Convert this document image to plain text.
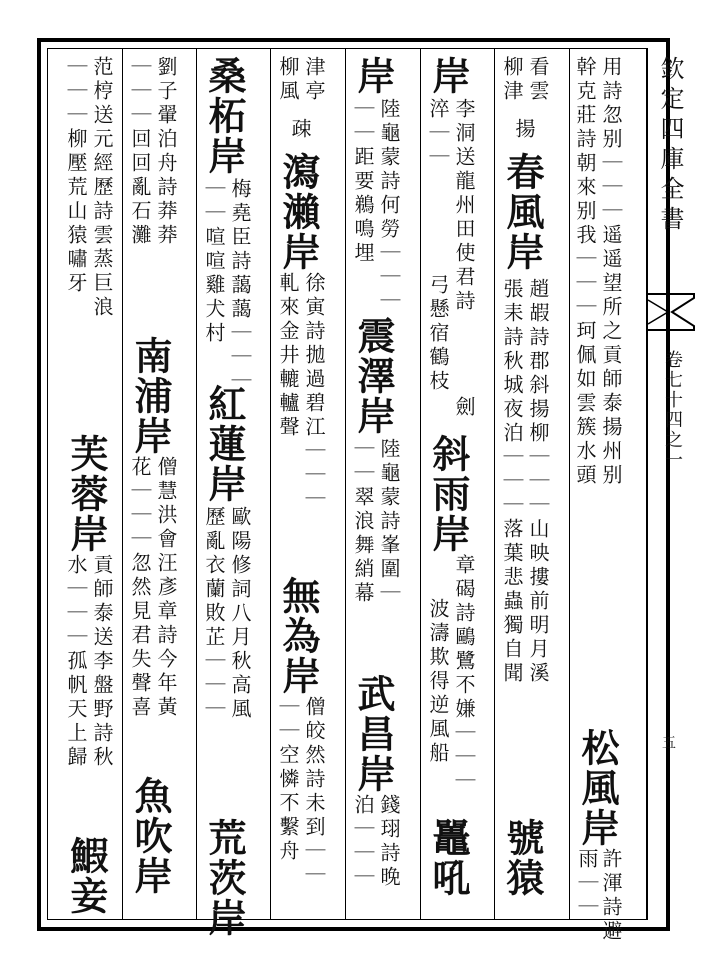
欽定四庫全書
卷七十四之一
五
用詩忽别｜｜｜遥遥望所之貢師泰揚州别
幹克莊詩朝來别我｜｜｜珂佩如雲簇水頭
松風岸
雨｜｜ 許渾詩避
看雲
柳津
揚
春風岸
趙嘏詩郡斜揚柳｜｜｜山映摟前明月溪
張耒詩秋城夜泊｜｜｜落葉悲蟲獨自聞
號猿
岸
李洞送龍州田使君詩
淬｜｜
弓懸宿鶴枝
劍
斜雨岸
章碣詩鷗鷺不嫌｜｜｜
波濤欺得逆風船
鼉吼
岸
陸龜蒙詩何勞｜｜｜
｜｜距要鵜鳴埋
震澤岸
陸龜蒙詩峯圍｜
｜｜翠浪舞綃幕
武昌岸
錢珝詩晚
泊｜｜｜
津亭
柳風
疎
瀉瀨岸
徐寅詩拋過碧江｜｜｜
軋來金井轆轤聲
無為岸
僧皎然詩未到｜｜
｜｜空憐不繫舟
桑柘岸
梅堯臣詩藹藹｜｜｜
｜｜喧喧雞犬村
紅蓮岸
歐陽修詞八月秋高風
歷亂衣蘭敗芷｜｜｜
荒茨岸
劉子翬泊舟詩莽莽
｜｜｜回回亂石灘
南浦岸
僧慧洪會汪彥章詩今年黃
花｜｜｜忽然見君失聲喜
魚吹岸
范梈送元經歷詩雲蒸巨浪
｜｜｜柳壓荒山猿嘯牙
芙蓉岸
貢師泰送李盤野詩秋
水｜｜｜孤帆天上歸
鰕妾
